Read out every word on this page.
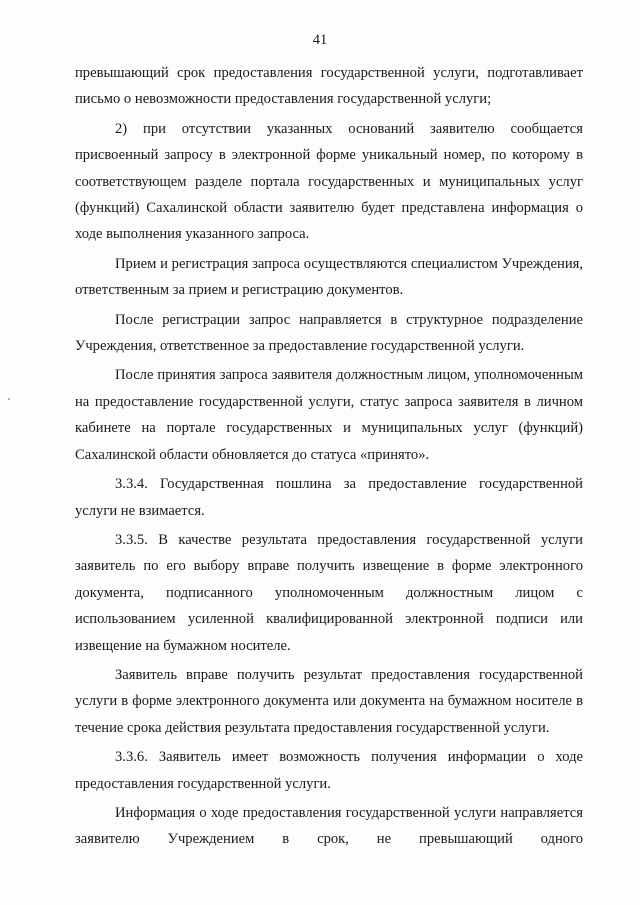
41

превышающий срок предоставления государственной услуги, подготавливает письмо о невозможности предоставления государственной услуги;

2) при отсутствии указанных оснований заявителю сообщается присвоенный запросу в электронной форме уникальный номер, по которому в соответствующем разделе портала государственных и муниципальных услуг (функций) Сахалинской области заявителю будет представлена информация о ходе выполнения указанного запроса.

Прием и регистрация запроса осуществляются специалистом Учреждения, ответственным за прием и регистрацию документов.

После регистрации запрос направляется в структурное подразделение Учреждения, ответственное за предоставление государственной услуги.

После принятия запроса заявителя должностным лицом, уполномоченным на предоставление государственной услуги, статус запроса заявителя в личном кабинете на портале государственных и муниципальных услуг (функций) Сахалинской области обновляется до статуса «принято».

3.3.4. Государственная пошлина за предоставление государственной услуги не взимается.

3.3.5. В качестве результата предоставления государственной услуги заявитель по его выбору вправе получить извещение в форме электронного документа, подписанного уполномоченным должностным лицом с использованием усиленной квалифицированной электронной подписи или извещение на бумажном носителе.

Заявитель вправе получить результат предоставления государственной услуги в форме электронного документа или документа на бумажном носителе в течение срока действия результата предоставления государственной услуги.

3.3.6. Заявитель имеет возможность получения информации о ходе предоставления государственной услуги.

Информация о ходе предоставления государственной услуги направляется заявителю Учреждением в срок, не превышающий одного
